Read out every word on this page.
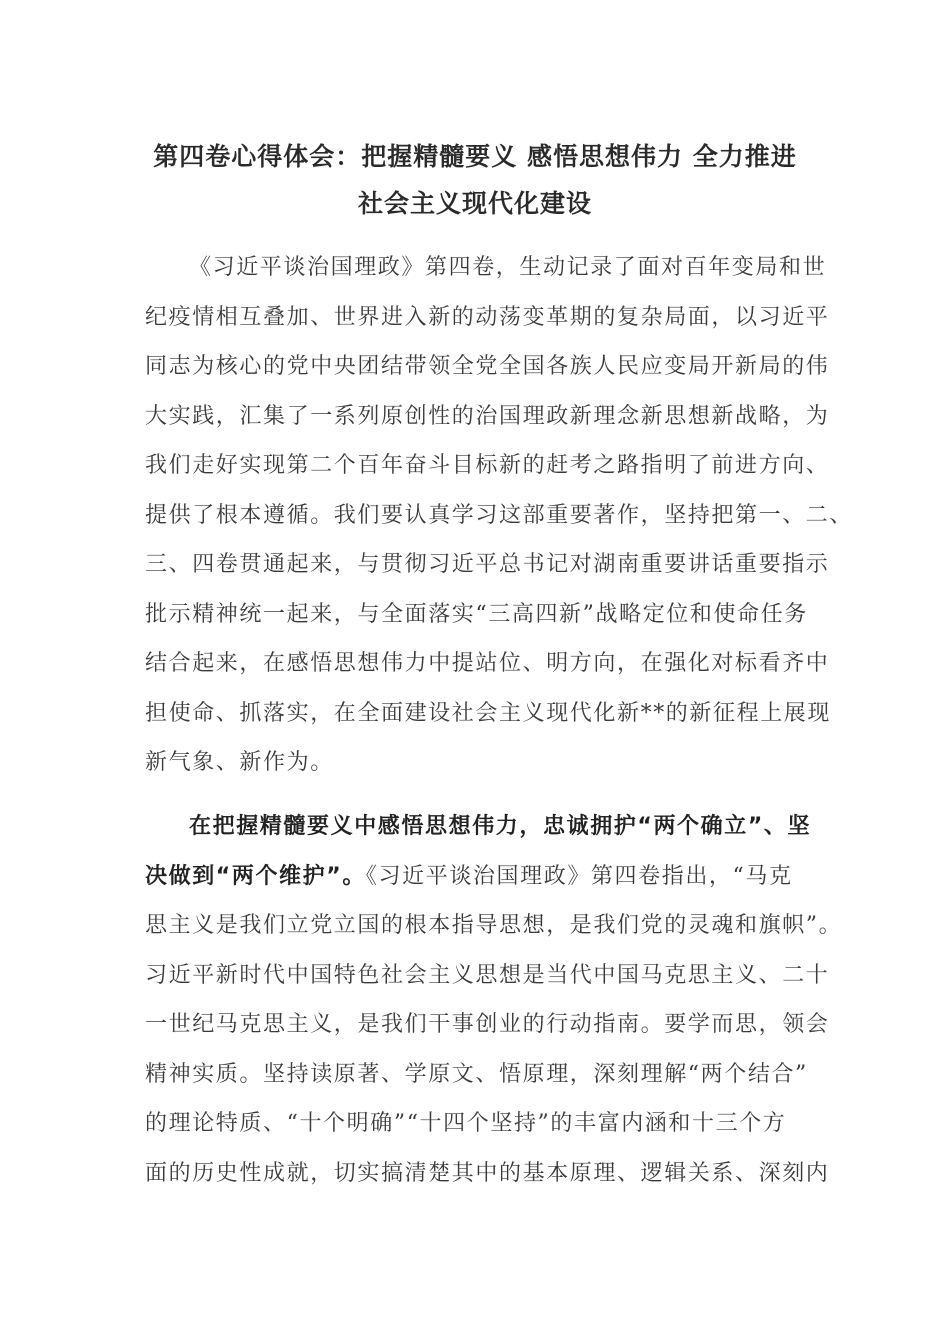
第四卷心得体会：把握精髓要义 感悟思想伟力 全力推进
社会主义现代化建设
《习近平谈治国理政》第四卷，生动记录了面对百年变局和世
纪疫情相互叠加、世界进入新的动荡变革期的复杂局面，以习近平
同志为核心的党中央团结带领全党全国各族人民应变局开新局的伟
大实践，汇集了一系列原创性的治国理政新理念新思想新战略，为
我们走好实现第二个百年奋斗目标新的赶考之路指明了前进方向、
提供了根本遵循。我们要认真学习这部重要著作，坚持把第一、二、
三、四卷贯通起来，与贯彻习近平总书记对湖南重要讲话重要指示
批示精神统一起来，与全面落实“三高四新”战略定位和使命任务
结合起来，在感悟思想伟力中提站位、明方向，在强化对标看齐中
担使命、抓落实，在全面建设社会主义现代化新**的新征程上展现
新气象、新作为。
在把握精髓要义中感悟思想伟力，忠诚拥护“两个确立”、坚
决做到“两个维护”。《习近平谈治国理政》第四卷指出，“马克
思主义是我们立党立国的根本指导思想，是我们党的灵魂和旗帜”。
习近平新时代中国特色社会主义思想是当代中国马克思主义、二十
一世纪马克思主义，是我们干事创业的行动指南。要学而思，领会
精神实质。坚持读原著、学原文、悟原理，深刻理解“两个结合”
的理论特质、“十个明确”“十四个坚持”的丰富内涵和十三个方
面的历史性成就，切实搞清楚其中的基本原理、逻辑关系、深刻内
